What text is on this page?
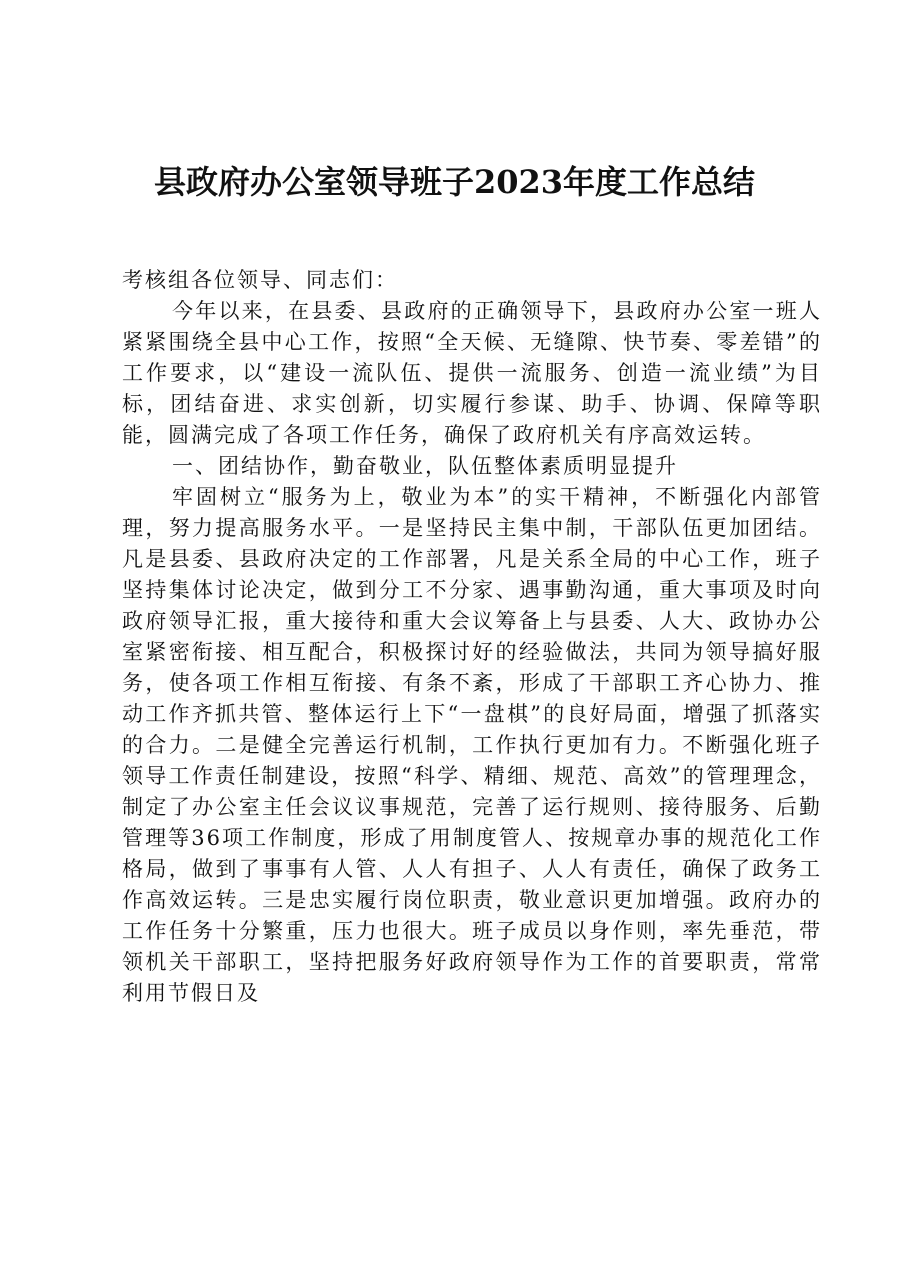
县政府办公室领导班子2023年度工作总结

考核组各位领导、同志们：

今年以来，在县委、县政府的正确领导下，县政府办公室一班人紧紧围绕全县中心工作，按照“全天候、无缝隙、快节奏、零差错”的工作要求，以“建设一流队伍、提供一流服务、创造一流业绩”为目标，团结奋进、求实创新，切实履行参谋、助手、协调、保障等职能，圆满完成了各项工作任务，确保了政府机关有序高效运转。

一、团结协作，勤奋敬业，队伍整体素质明显提升

牢固树立“服务为上，敬业为本”的实干精神，不断强化内部管理，努力提高服务水平。一是坚持民主集中制，干部队伍更加团结。凡是县委、县政府决定的工作部署，凡是关系全局的中心工作，班子坚持集体讨论决定，做到分工不分家、遇事勤沟通，重大事项及时向政府领导汇报，重大接待和重大会议筹备上与县委、人大、政协办公室紧密衔接、相互配合，积极探讨好的经验做法，共同为领导搞好服务，使各项工作相互衔接、有条不紊，形成了干部职工齐心协力、推动工作齐抓共管、整体运行上下“一盘棋”的良好局面，增强了抓落实的合力。二是健全完善运行机制，工作执行更加有力。不断强化班子领导工作责任制建设，按照“科学、精细、规范、高效”的管理理念，制定了办公室主任会议议事规范，完善了运行规则、接待服务、后勤管理等36项工作制度，形成了用制度管人、按规章办事的规范化工作格局，做到了事事有人管、人人有担子、人人有责任，确保了政务工作高效运转。三是忠实履行岗位职责，敬业意识更加增强。政府办的工作任务十分繁重，压力也很大。班子成员以身作则，率先垂范，带领机关干部职工，坚持把服务好政府领导作为工作的首要职责，常常利用节假日及
